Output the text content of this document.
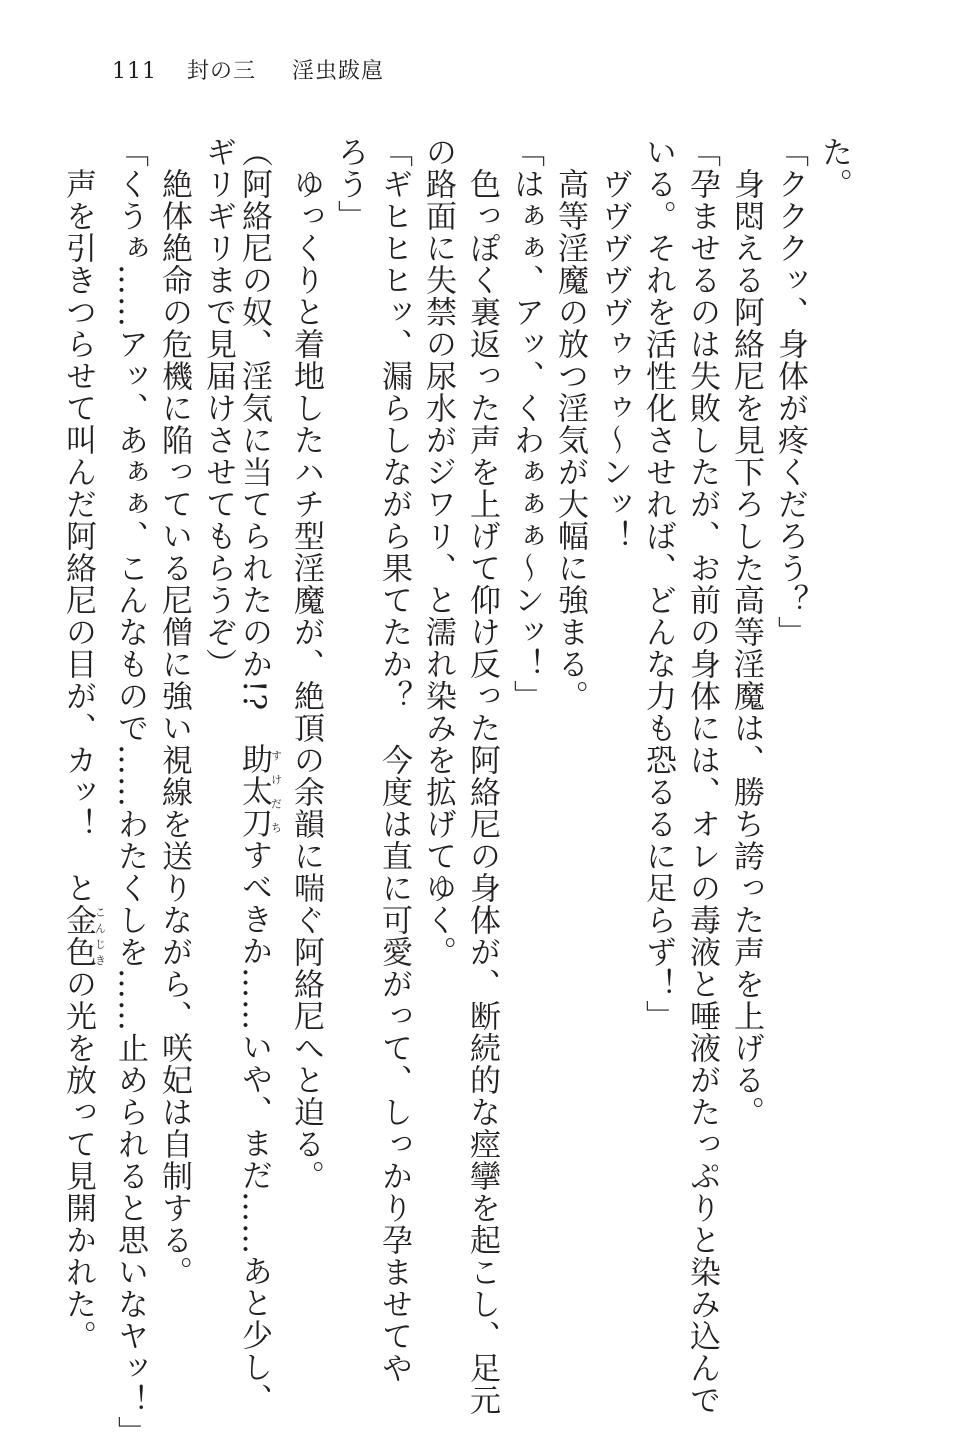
111 封の三 淫虫跋扈
た。
「クククッ、身体が疼くだろう？」
　身悶える阿絡尼を見下ろした高等淫魔は、勝ち誇った声を上げる。
「孕ませるのは失敗したが、お前の身体には、オレの毒液と唾液がたっぷりと染み込んで
いる。それを活性化させれば、どんな力も恐るるに足らず！」
　ヴヴヴヴヴゥゥゥ〜ンッ！
　高等淫魔の放つ淫気が大幅に強まる。
「はぁぁ、アッ、くわぁぁぁ〜ンッ！」
　色っぽく裏返った声を上げて仰け反った阿絡尼の身体が、断続的な痙攣を起こし、足元
の路面に失禁の尿水がジワリ、と濡れ染みを拡げてゆく。
「ギヒヒヒッ、漏らしながら果てたか？　今度は直に可愛がって、しっかり孕ませてや
ろう」
　ゆっくりと着地したハチ型淫魔が、絶頂の余韻に喘ぐ阿絡尼へと迫る。
（阿絡尼の奴、淫気に当てられたのか!?　助太刀すけだちすべきか……いや、まだ……あと少し、
ギリギリまで見届けさせてもらうぞ）
　絶体絶命の危機に陥っている尼僧に強い視線を送りながら、咲妃は自制する。
「くうぁ……アッ、あぁぁ、こんなもので……わたくしを……止められると思いなヤッ！」
　声を引きつらせて叫んだ阿絡尼の目が、カッ！　と金色こんじきの光を放って見開かれた。
